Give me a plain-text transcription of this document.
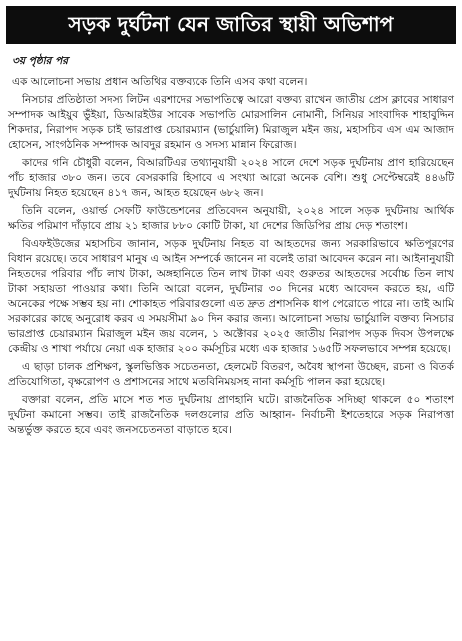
সড়ক দুর্ঘটনা যেন জাতির স্থায়ী অভিশাপ
৩য় পৃষ্ঠার পর

এক আলোচনা সভায় প্রধান অতিথির বক্তব্যকে তিনি এসব কথা বলেন।

নিসচার প্রতিষ্ঠাতা সদস্য লিটন এরশাদের সভাপতিত্বে আরো বক্তব্য রাখেন জাতীয় প্রেস ক্লাবের সাধারণ সম্পাদক আইয়ুব ভুঁইয়া, ডিআরইউর সাবেক সভাপতি মোরসালিন নোমানী, সিনিয়র সাংবাদিক শাহাবুদ্দিন শিকদার, নিরাপদ সড়ক চাই ভারপ্রাপ্ত চেয়ারম্যান (ভার্চুয়ালি) মিরাজুল মইন জয়, মহাসচিব এস এম আজাদ হোসেন, সাংগঠনিক সম্পাদক আবদুর রহমান ও সদস্য মান্নান ফিরোজ।

কাদের গনি চৌধুরী বলেন, বিআরটিএর তথ্যানুযায়ী ২০২৪ সালে দেশে সড়ক দুর্ঘটনায় প্রাণ হারিয়েছেন পাঁচ হাজার ৩৮০ জন। তবে বেসরকারি হিসাবে এ সংখ্যা আরো অনেক বেশি। শুধু সেপ্টেম্বরেই ৪৪৬টি দুর্ঘটনায় নিহত হয়েছেন ৪১৭ জন, আহত হয়েছেন ৬৮২ জন।

তিনি বলেন, ওয়ার্ল্ড সেফটি ফাউন্ডেশনের প্রতিবেদন অনুযায়ী, ২০২৪ সালে সড়ক দুর্ঘটনায় আর্থিক ক্ষতির পরিমাণ দাঁড়াবে প্রায় ২১ হাজার ৮৮০ কোটি টাকা, যা দেশের জিডিপির প্রায় দেড় শতাংশ।

বিএফইউজের মহাসচিব জানান, সড়ক দুর্ঘটনায় নিহত বা আহতদের জন্য সরকারিভাবে ক্ষতিপূরণের বিধান রয়েছে। তবে সাধারণ মানুষ এ আইন সম্পর্কে জানেন না বলেই তারা আবেদন করেন না। আইনানুযায়ী নিহতদের পরিবার পাঁচ লাখ টাকা, অঙ্গহানিতে তিন লাখ টাকা এবং গুরুতর আহতদের সর্বোচ্চ তিন লাখ টাকা সহায়তা পাওয়ার কথা। তিনি আরো বলেন, দুর্ঘটনার ৩০ দিনের মধ্যে আবেদন করতে হয়, এটি অনেকের পক্ষে সম্ভব হয় না। শোকাহত পরিবারগুলো এত দ্রুত প্রশাসনিক ধাপ পেরোতে পারে না। তাই আমি সরকারের কাছে অনুরোধ করব এ সময়সীমা ৯০ দিন করার জন্য। আলোচনা সভায় ভার্চুয়ালি বক্তব্য নিসচার ভারপ্রাপ্ত চেয়ারম্যান মিরাজুল মইন জয় বলেন, ১ অক্টোবর ২০২৫ জাতীয় নিরাপদ সড়ক দিবস উপলক্ষে কেন্দ্রীয় ও শাখা পর্যায়ে নেয়া এক হাজার ২০০ কর্মসূচির মধ্যে এক হাজার ১৬৫টি সফলভাবে সম্পন্ন হয়েছে।

এ ছাড়া চালক প্রশিক্ষণ, স্কুলভিত্তিক সচেতনতা, হেলমেট বিতরণ, অবৈধ স্থাপনা উচ্ছেদ, রচনা ও বিতর্ক প্রতিযোগিতা, বৃক্ষরোপণ ও প্রশাসনের সাথে মতবিনিময়সহ নানা কর্মসূচি পালন করা হয়েছে।

বক্তারা বলেন, প্রতি মাসে শত শত দুর্ঘটনায় প্রাণহানি ঘটে। রাজনৈতিক সদিচ্ছা থাকলে ৫০ শতাংশ দুর্ঘটনা কমানো সম্ভব। তাই রাজনৈতিক দলগুলোর প্রতি আহ্বান- নির্বাচনী ইশতেহারে সড়ক নিরাপত্তা অন্তর্ভুক্ত করতে হবে এবং জনসচেতনতা বাড়াতে হবে।
